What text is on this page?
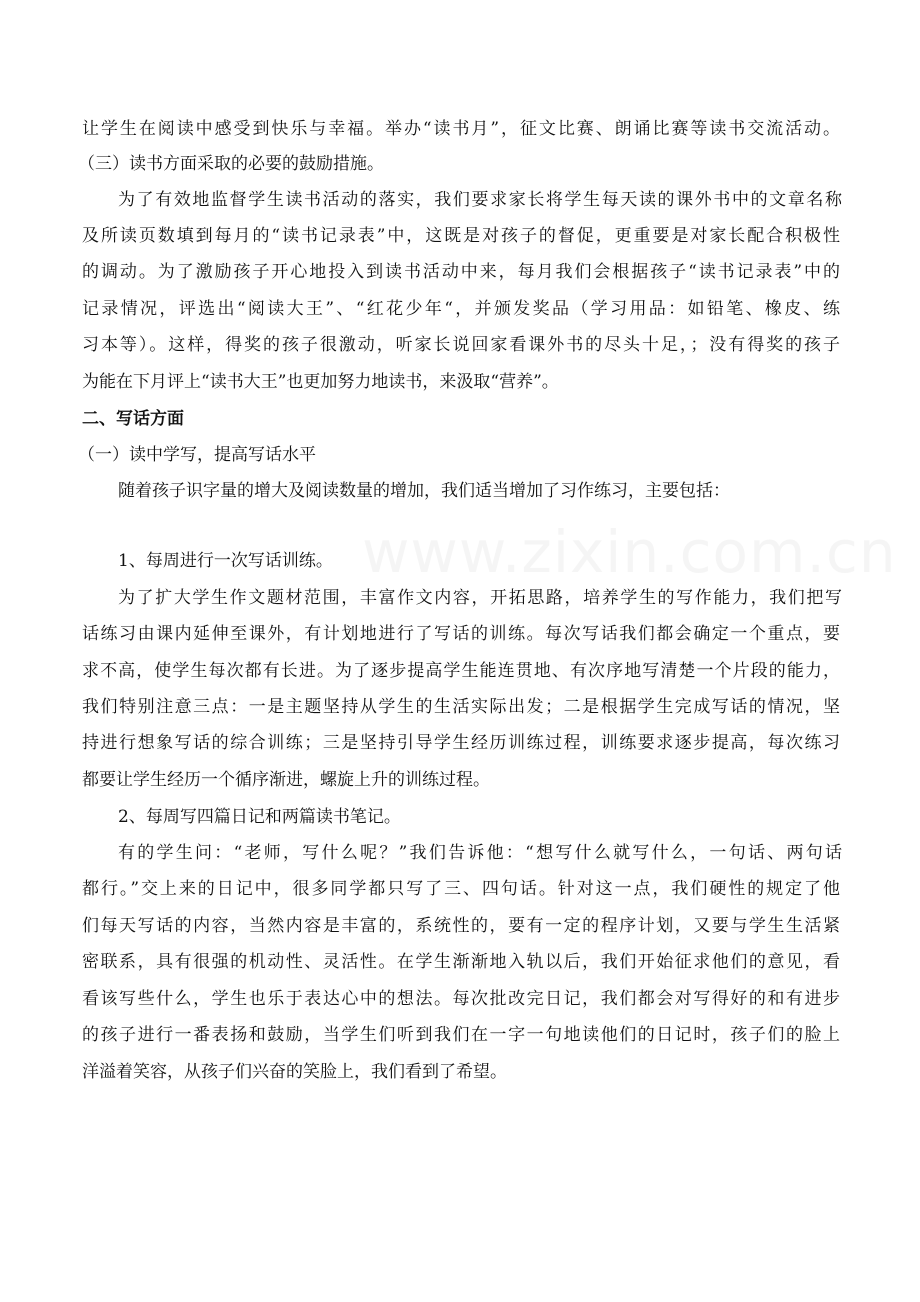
www.zixin.com.cn
让学生在阅读中感受到快乐与幸福。举办“读书月”，征文比赛、朗诵比赛等读书交流活动。
（三）读书方面采取的必要的鼓励措施。
为了有效地监督学生读书活动的落实，我们要求家长将学生每天读的课外书中的文章名称
及所读页数填到每月的“读书记录表”中，这既是对孩子的督促，更重要是对家长配合积极性
的调动。为了激励孩子开心地投入到读书活动中来，每月我们会根据孩子“读书记录表”中的
记录情况，评选出“阅读大王”、“红花少年“，并颁发奖品（学习用品：如铅笔、橡皮、练
习本等）。这样，得奖的孩子很激动，听家长说回家看课外书的尽头十足，；没有得奖的孩子
为能在下月评上“读书大王”也更加努力地读书，来汲取“营养”。
二、写话方面
（一）读中学写，提高写话水平
随着孩子识字量的增大及阅读数量的增加，我们适当增加了习作练习，主要包括：
1、每周进行一次写话训练。
为了扩大学生作文题材范围，丰富作文内容，开拓思路，培养学生的写作能力，我们把写
话练习由课内延伸至课外，有计划地进行了写话的训练。每次写话我们都会确定一个重点，要
求不高，使学生每次都有长进。为了逐步提高学生能连贯地、有次序地写清楚一个片段的能力，
我们特别注意三点：一是主题坚持从学生的生活实际出发；二是根据学生完成写话的情况，坚
持进行想象写话的综合训练；三是坚持引导学生经历训练过程，训练要求逐步提高，每次练习
都要让学生经历一个循序渐进，螺旋上升的训练过程。
2、每周写四篇日记和两篇读书笔记。
有的学生问：“老师，写什么呢？”我们告诉他：“想写什么就写什么，一句话、两句话
都行。”交上来的日记中，很多同学都只写了三、四句话。针对这一点，我们硬性的规定了他
们每天写话的内容，当然内容是丰富的，系统性的，要有一定的程序计划，又要与学生生活紧
密联系，具有很强的机动性、灵活性。在学生渐渐地入轨以后，我们开始征求他们的意见，看
看该写些什么，学生也乐于表达心中的想法。每次批改完日记，我们都会对写得好的和有进步
的孩子进行一番表扬和鼓励，当学生们听到我们在一字一句地读他们的日记时，孩子们的脸上
洋溢着笑容，从孩子们兴奋的笑脸上，我们看到了希望。
